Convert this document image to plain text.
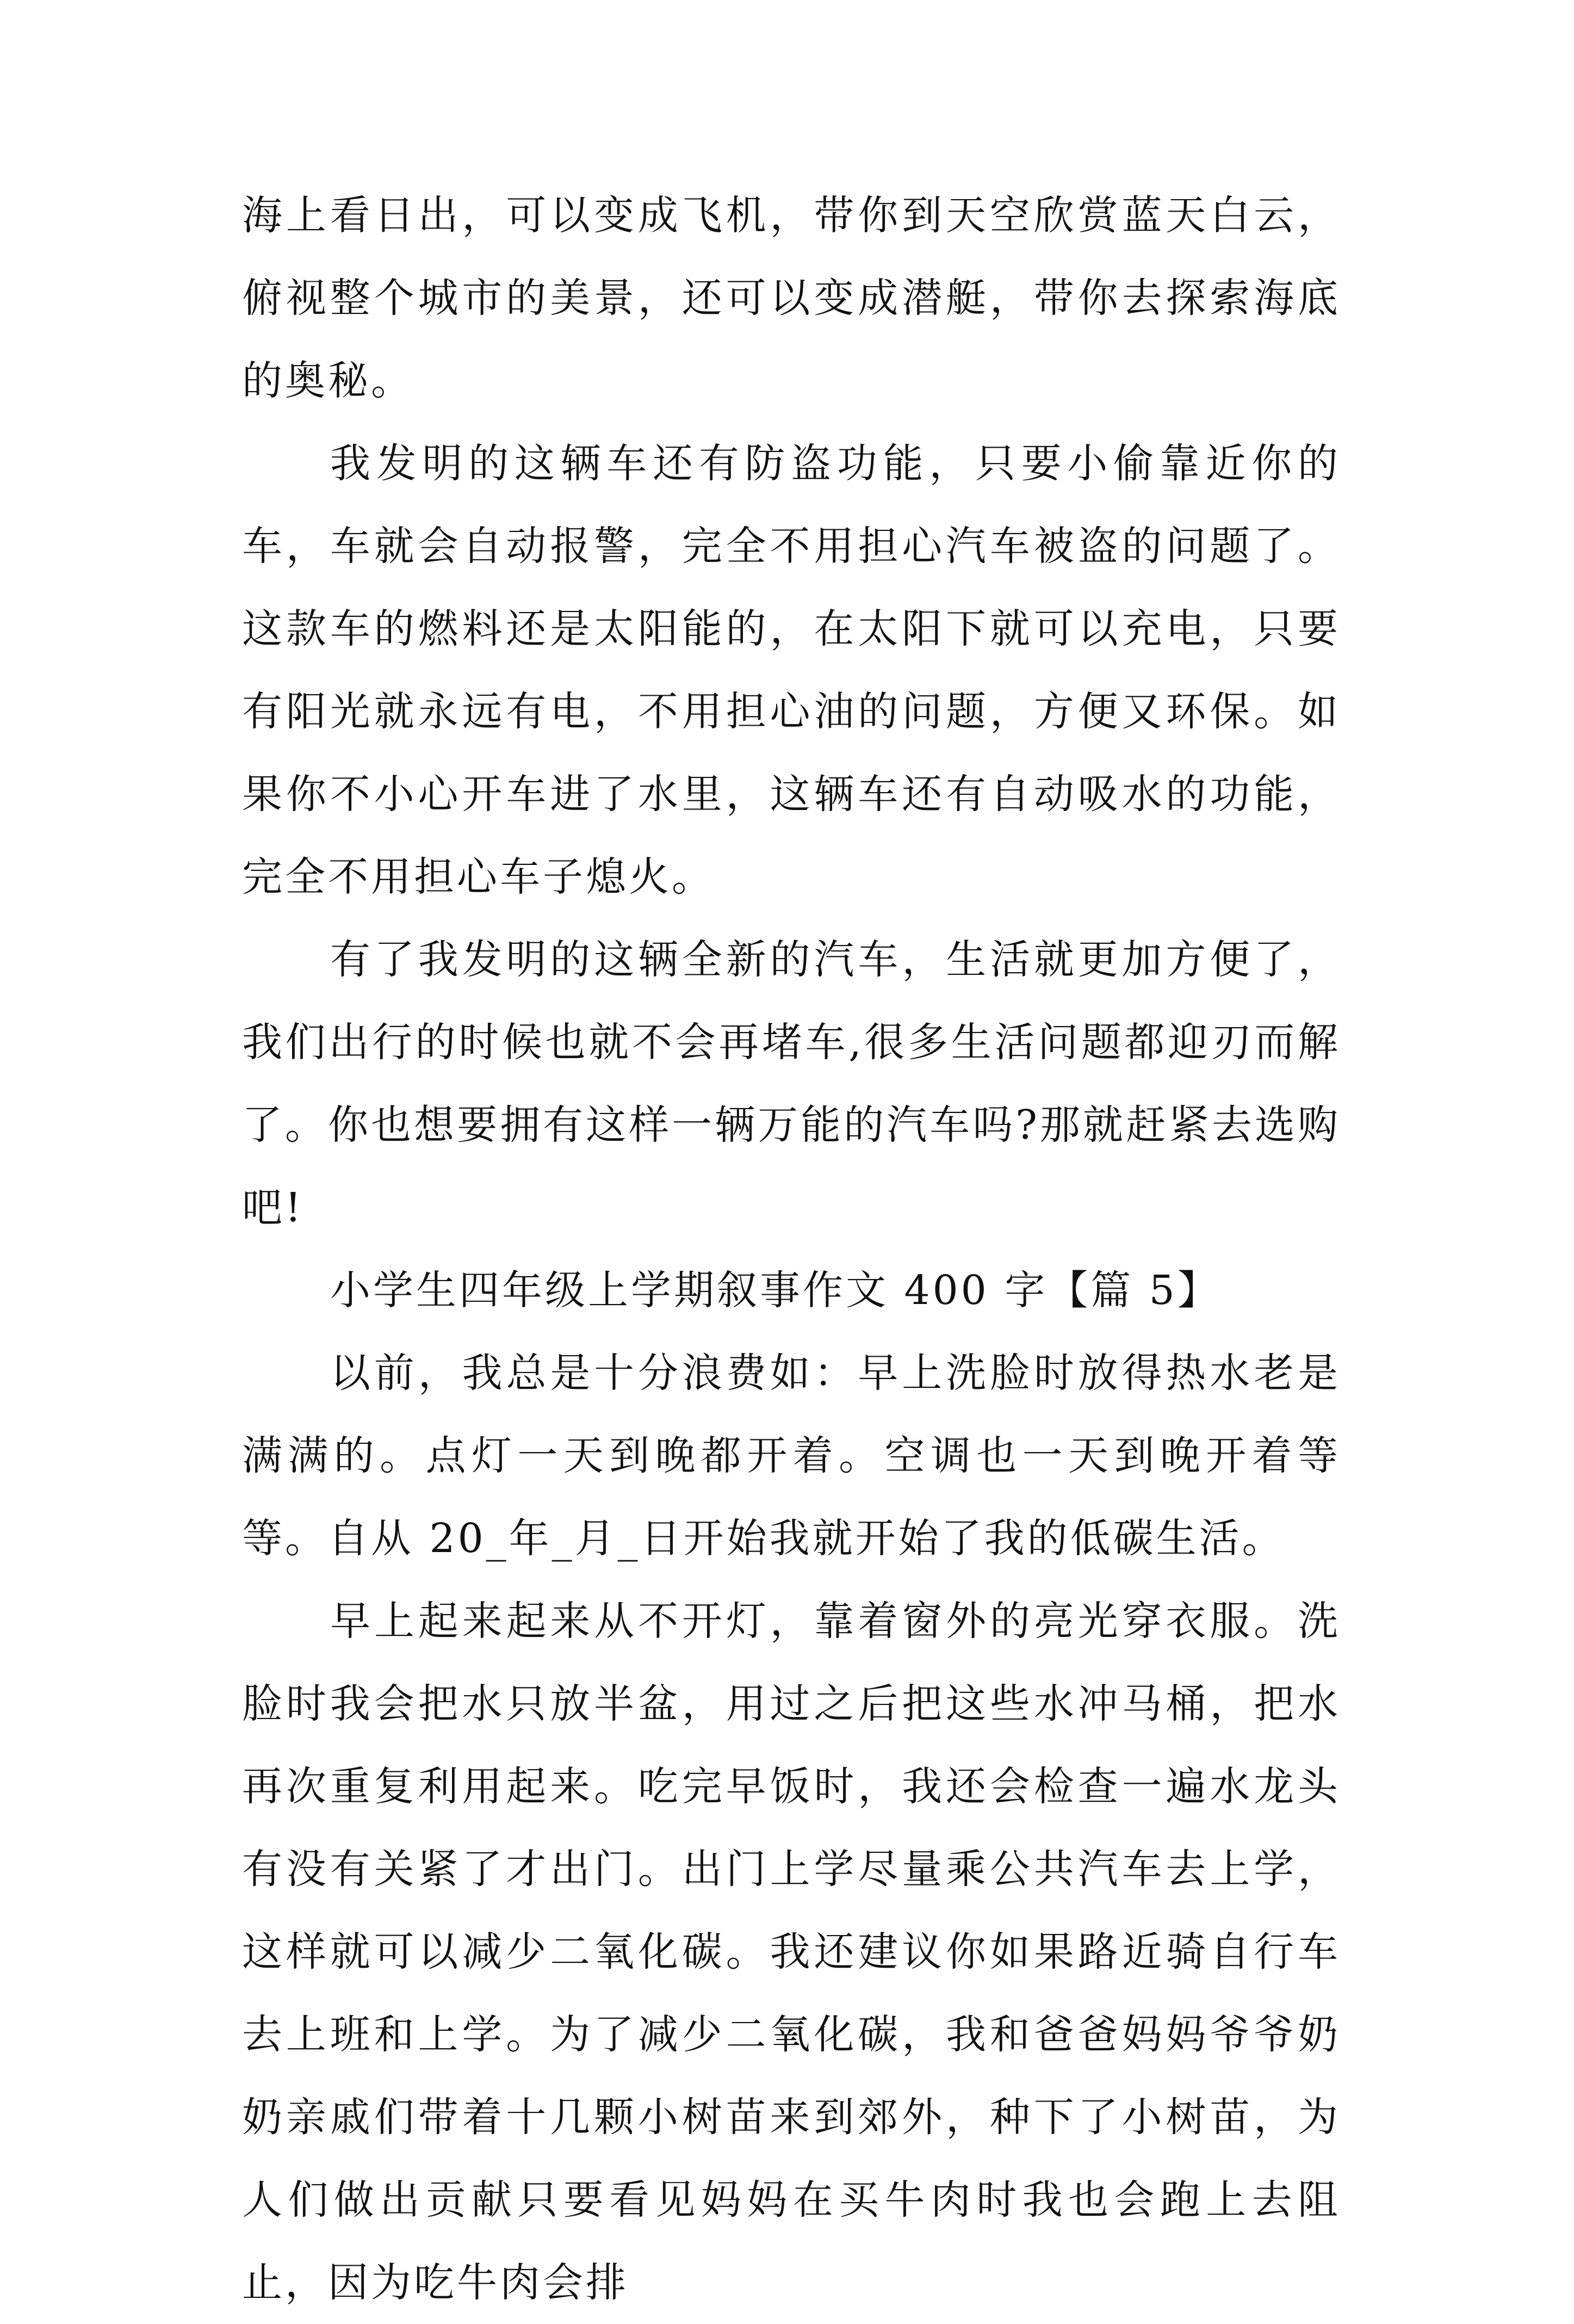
海上看日出，可以变成飞机，带你到天空欣赏蓝天白云，俯视整个城市的美景，还可以变成潜艇，带你去探索海底的奥秘。

我发明的这辆车还有防盗功能，只要小偷靠近你的车，车就会自动报警，完全不用担心汽车被盗的问题了。这款车的燃料还是太阳能的，在太阳下就可以充电，只要有阳光就永远有电，不用担心油的问题，方便又环保。如果你不小心开车进了水里，这辆车还有自动吸水的功能，完全不用担心车子熄火。

有了我发明的这辆全新的汽车，生活就更加方便了，我们出行的时候也就不会再堵车,很多生活问题都迎刃而解了。你也想要拥有这样一辆万能的汽车吗?那就赶紧去选购吧!

小学生四年级上学期叙事作文 400 字【篇 5】

以前，我总是十分浪费如：早上洗脸时放得热水老是满满的。点灯一天到晚都开着。空调也一天到晚开着等等。自从 20_年_月_日开始我就开始了我的低碳生活。

早上起来起来从不开灯，靠着窗外的亮光穿衣服。洗脸时我会把水只放半盆，用过之后把这些水冲马桶，把水再次重复利用起来。吃完早饭时，我还会检查一遍水龙头有没有关紧了才出门。出门上学尽量乘公共汽车去上学，这样就可以减少二氧化碳。我还建议你如果路近骑自行车去上班和上学。为了减少二氧化碳，我和爸爸妈妈爷爷奶奶亲戚们带着十几颗小树苗来到郊外，种下了小树苗，为人们做出贡献只要看见妈妈在买牛肉时我也会跑上去阻止，因为吃牛肉会排
